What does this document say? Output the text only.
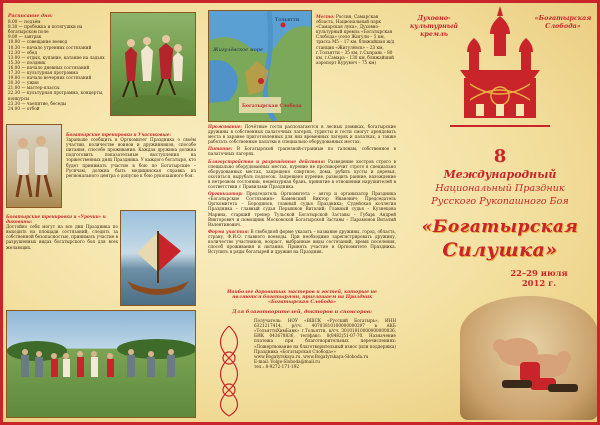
Расписание дня:
8.00 — подъём
8.30 — пробежка и потягушки на богатырском поле
9.00 — завтрак
10.00 — совещание воевод
10.30 — начало утренних состязаний
12.30 — обед
13.00 — отдых, купание, катание на ладьях
15.30 — полдник
16.00 — начало дневных состязаний
17.30 — культурная программа
19.00 — начало вечерних состязаний
20.30 — ужин
21.00 — мастер-классы
22.30 — культурная программа, концерты, конкурсы
23.30 — чаепитие, беседы
24.00 — отбой
Богатырские тренировки и Участковые:
Зараньше сообщить в Оргкомитет Праздника о своём участии, количестве воинов и дружинников, способе питания, способе проживания. Каждая дружина должна подготовить показательные выступления на торжественных днях Праздника. У каждого богатыря, кто будет принимать участие в бою по Богатырские – Русичам, должна быть медицинская справка из регионального центра о допуске к бою рукопашного боя.
Богатырские тренировки и «Урочки» и диковины:
Достойно себя могут на все дни Праздника по выходить на площади состязаний, следить за собственной безопасностью, принимать участие в разрушенных видах богатырского боя для всех желающих.
Жигулёвское море
Тольятти
Богатырская Слобода
Место: Россия, Самарская область, Национальный парк «Самарская лука», Духовно-культурный кремль «Богатырская Слобода» (село Жигули – 5 км, трасса М5 – 17 км, ближайшая ж/д станция «Жигулёвск» – 23 км, г.Тольятти – 35 км, г.Сызрань – 80 км, г.Самара – 130 км, ближайший аэропорт Курумоч – 75 км)
Проживание: Почётные гости располагаются в лесных домиках, богатырские дружины в собственных палаточных лагерях, туристы и гости смогут арендовать места в заранее приготовленных для них временных лагерях и палатках, а также работать собственные палатки в специально оборудованных местах.
Питание: В Богатырской трапезной-странные по талонам, собственное в палаточных лагерях.
Благоустройство и разрешённые действия: Разведение костров строго в специально оборудованных местах, курение не противоречит строго в специально оборудованных местах, запрещено спиртное, дома, рубить кусты и деревья, охотиться, вырубать подлесок. Запрещено курение, разводить ранние, нахождение в нетрезвом состоянии, нецензурная брань, принятие в отношении нарушителей в соответствии с Правилами Праздника.
Организатор: Председатель Оргкомитета – автор и организатор Праздника «Богатырские Состязания» Каменский Виктор Иванович; Председатель Оргкомитета – Бородинов, главный судья Праздника; Судейская коллегия Праздника – главный судья Перышков Виталий; Главный судья – Кузнецова Марина, старший тренер Тульской Богатырской Заставы – Губарь Андрей Викторович и помощник Московской Богатырской Заставы – Парамонов Виталий Валентинович.
Форма участия: В свободной форме указать – название дружины, город, область, страну, Ф.И.О. главного воеводы. При необходимо зарегистрировать дружину, количество участников, возраст, выбранные виды состязаний, время поселения, способ проживания и питания. Принять участие в Оргкомитете Праздника. Вступить в ряды богатырей и дружин на Праздник.
Наиболее даровитых мастеров и гостей, которые не являются богатырями, приглашаем на Праздник «Богатырская Слобода»
Для благотворителей, докторов и спонсоров:
Получатель: НОУ «ВШСК «Русский Богатырь», ИНН 6321217414, р/сч. 40703810100000000297 в АКБ «ТольяттиХимБанк» г.Тольятти, к/сч. 30101810000000000836, БИК 043678836, тел/факс: 8(8482)51-07-70. Назначение платежа при благотворительных перечислениях: «Пожертвование на благотворительный взнос (или поддержка) Праздника «Богатырская Слобода»»
www.Bogatyrskaya.ru, www.Bogatyrskaya-Sloboda.ru
E-mail: Volge-Sloboda@mail.ru
тел.: 8-9272-171-192
Духовно-культурный
кремль
«Богатырская
Слобода»
8
Международный
Национальный Праздник
Русского Рукопашного Боя
«Богатырская
Силушка»
22–29 июля
2012 г.
